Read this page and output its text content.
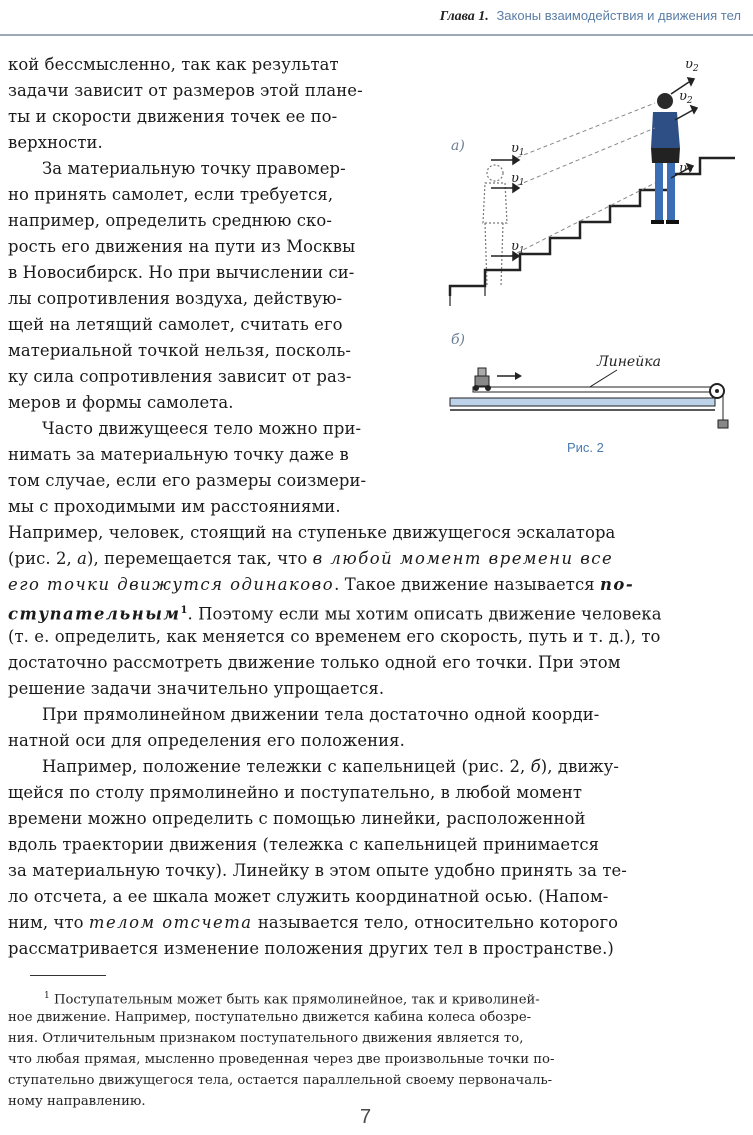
Глава 1. Законы взаимодействия и движения тел
кой бессмысленно, так как результат
задачи зависит от размеров этой плане-
ты и скорости движения точек ее по-
верхности.
За материальную точку правомер-
но принять самолет, если требуется,
например, определить среднюю ско-
рость его движения на пути из Москвы
в Новосибирск. Но при вычислении си-
лы сопротивления воздуха, действую-
щей на летящий самолет, считать его
материальной точкой нельзя, посколь-
ку сила сопротивления зависит от раз-
меров и формы самолета.
Часто движущееся тело можно при-
нимать за материальную точку даже в
том случае, если его размеры соизмери-
мы с проходимыми им расстояниями.
а)	$\upsilon_1$
$\upsilon_1$
$\upsilon_1$
$\upsilon_2$
$\upsilon_2$
$\upsilon_2$
б)
Линейка
Рис. 2
Например, человек, стоящий на ступеньке движущегося эскалатора
(рис. 2, а), перемещается так, что в любой момент времени все
его точки движутся одинаково. Такое движение называется по-
ступательным$^1$. Поэтому если мы хотим описать движение человека
(т. е. определить, как меняется со временем его скорость, путь и т. д.), то
достаточно рассмотреть движение только одной его точки. При этом
решение задачи значительно упрощается.
При прямолинейном движении тела достаточно одной коорди-
натной оси для определения его положения.
Например, положение тележки с капельницей (рис. 2, б), движу-
щейся по столу прямолинейно и поступательно, в любой момент
времени можно определить с помощью линейки, расположенной
вдоль траектории движения (тележка с капельницей принимается
за материальную точку). Линейку в этом опыте удобно принять за те-
ло отсчета, а ее шкала может служить координатной осью. (Напом-
ним, что телом отсчета называется тело, относительно которого
рассматривается изменение положения других тел в пространстве.)
$^1$ Поступательным может быть как прямолинейное, так и криволиней-
ное движение. Например, поступательно движется кабина колеса обозре-
ния. Отличительным признаком поступательного движения является то,
что любая прямая, мысленно проведенная через две произвольные точки по-
ступательно движущегося тела, остается параллельной своему первоначаль-
ному направлению.
7
